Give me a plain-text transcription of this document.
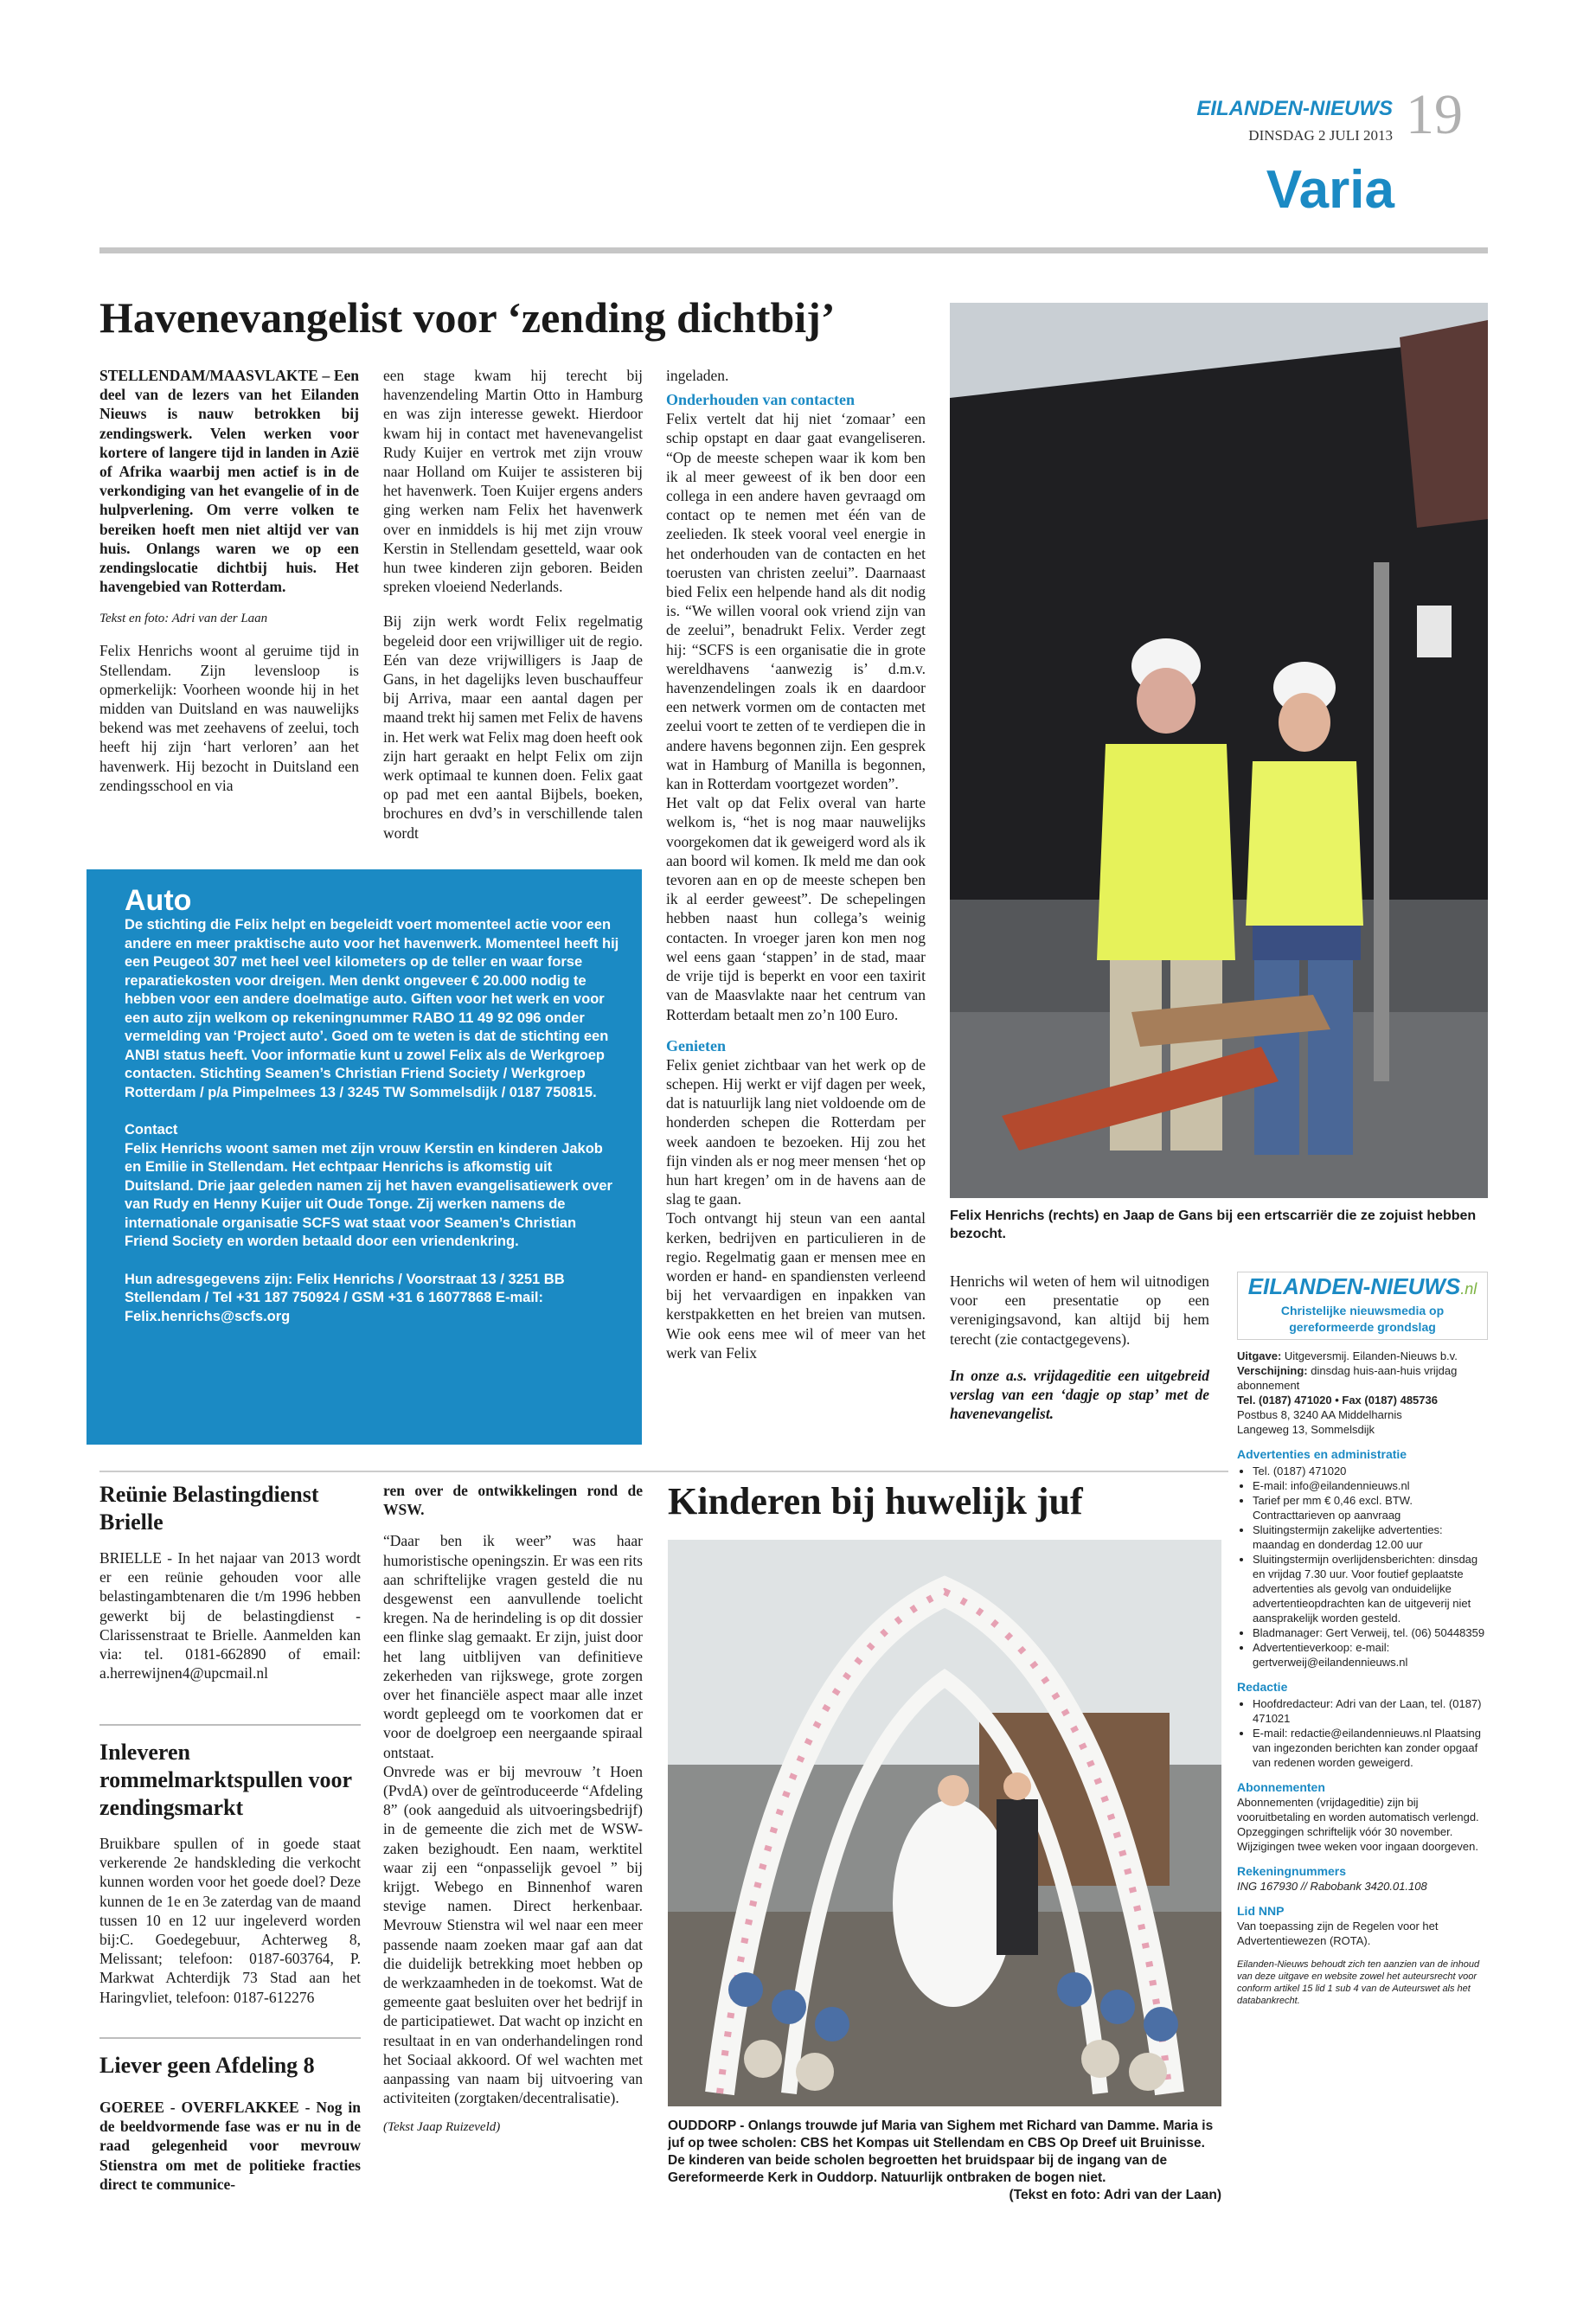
EILANDEN-NIEUWS
DINSDAG 2 JULI 2013 19
Varia
Havenevangelist voor ‘zending dichtbij’
STELLENDAM/MAASVLAKTE – Een deel van de lezers van het Eilanden Nieuws is nauw betrokken bij zendingswerk. Velen werken voor kortere of langere tijd in landen in Azië of Afrika waarbij men actief is in de verkondiging van het evangelie of in de hulpverlening. Om verre volken te bereiken hoeft men niet altijd ver van huis. Onlangs waren we op een zendingslocatie dichtbij huis. Het havengebied van Rotterdam.
Tekst en foto: Adri van der Laan
Felix Henrichs woont al geruime tijd in Stellendam. Zijn levensloop is opmerkelijk: Voorheen woonde hij in het midden van Duitsland en was nauwelijks bekend was met zeehavens of zeelui, toch heeft hij zijn ‘hart verloren’ aan het havenwerk. Hij bezocht in Duitsland een zendingsschool en via
een stage kwam hij terecht bij havenzendeling Martin Otto in Hamburg en was zijn interesse gewekt. Hierdoor kwam hij in contact met havenevangelist Rudy Kuijer en vertrok met zijn vrouw naar Holland om Kuijer te assisteren bij het havenwerk. Toen Kuijer ergens anders ging werken nam Felix het havenwerk over en inmiddels is hij met zijn vrouw Kerstin in Stellendam gesetteld, waar ook hun twee kinderen zijn geboren. Beiden spreken vloeiend Nederlands.
Bij zijn werk wordt Felix regelmatig begeleid door een vrijwilliger uit de regio. Eén van deze vrijwilligers is Jaap de Gans, in het dagelijks leven buschauffeur bij Arriva, maar een aantal dagen per maand trekt hij samen met Felix de havens in. Het werk wat Felix mag doen heeft ook zijn hart geraakt en helpt Felix om zijn werk optimaal te kunnen doen. Felix gaat op pad met een aantal Bijbels, boeken, brochures en dvd’s in verschillende talen wordt
ingeladen.
Onderhouden van contacten
Felix vertelt dat hij niet ‘zomaar’ een schip opstapt en daar gaat evangeliseren. “Op de meeste schepen waar ik kom ben ik al meer geweest of ik ben door een collega in een andere haven gevraagd om contact op te nemen met één van de zeelieden. Ik steek vooral veel energie in het onderhouden van de contacten en het toerusten van christen zeelui”. Daarnaast bied Felix een helpende hand als dit nodig is. “We willen vooral ook vriend zijn van de zeelui”, benadrukt Felix. Verder zegt hij: “SCFS is een organisatie die in grote wereldhavens ‘aanwezig is’ d.m.v. havenzendelingen zoals ik en daardoor een netwerk vormen om de contacten met zeelui voort te zetten of te verdiepen die in andere havens begonnen zijn. Een gesprek wat in Hamburg of Manilla is begonnen, kan in Rotterdam voortgezet worden”.
Het valt op dat Felix overal van harte welkom is, “het is nog maar nauwelijks voorgekomen dat ik geweigerd word als ik aan boord wil komen. Ik meld me dan ook tevoren aan en op de meeste schepen ben ik al eerder geweest”. De schepelingen hebben naast hun collega’s weinig contacten. In vroeger jaren kon men nog wel eens gaan ‘stappen’ in de stad, maar de vrije tijd is beperkt en voor een taxirit van de Maasvlakte naar het centrum van Rotterdam betaalt men zo’n 100 Euro.
Genieten
Felix geniet zichtbaar van het werk op de schepen. Hij werkt er vijf dagen per week, dat is natuurlijk lang niet voldoende om de honderden schepen die Rotterdam per week aandoen te bezoeken. Hij zou het fijn vinden als er nog meer mensen ‘het op hun hart kregen’ om in de havens aan de slag te gaan.
Toch ontvangt hij steun van een aantal kerken, bedrijven en particulieren in de regio. Regelmatig gaan er mensen mee en worden er hand- en spandiensten verleend bij het vervaardigen en inpakken van kerstpakketten en het breien van mutsen. Wie ook eens mee wil of meer van het werk van Felix
Felix Henrichs (rechts) en Jaap de Gans bij een ertscarriër die ze zojuist hebben bezocht.
Henrichs wil weten of hem wil uitnodigen voor een presentatie op een verenigingsavond, kan altijd bij hem terecht (zie contactgegevens).
In onze a.s. vrijdageditie een uitgebreid verslag van een ‘dagje op stap’ met de havenevangelist.
Auto
De stichting die Felix helpt en begeleidt voert momenteel actie voor een andere en meer praktische auto voor het havenwerk. Momenteel heeft hij een Peugeot 307 met heel veel kilometers op de teller en waar forse reparatiekosten voor dreigen. Men denkt ongeveer € 20.000 nodig te hebben voor een andere doelmatige auto. Giften voor het werk en voor een auto zijn welkom op rekeningnummer RABO 11 49 92 096 onder vermelding van ‘Project auto’. Goed om te weten is dat de stichting een ANBI status heeft. Voor informatie kunt u zowel Felix als de Werkgroep contacten. Stichting Seamen’s Christian Friend Society / Werkgroep Rotterdam / p/a Pimpelmees 13 / 3245 TW Sommelsdijk / 0187 750815.
Contact
Felix Henrichs woont samen met zijn vrouw Kerstin en kinderen Jakob en Emilie in Stellendam. Het echtpaar Henrichs is afkomstig uit Duitsland. Drie jaar geleden namen zij het haven evangelisatiewerk over van Rudy en Henny Kuijer uit Oude Tonge. Zij werken namens de internationale organisatie SCFS wat staat voor Seamen’s Christian Friend Society en worden betaald door een vriendenkring.
Hun adresgegevens zijn: Felix Henrichs / Voorstraat 13 / 3251 BB Stellendam / Tel +31 187 750924 / GSM +31 6 16077868 E-mail: Felix.henrichs@scfs.org
Reünie Belastingdienst Brielle
BRIELLE - In het najaar van 2013 wordt er een reünie gehouden voor alle belastingambtenaren die t/m 1996 hebben gewerkt bij de belastingdienst - Clarissenstraat te Brielle. Aanmelden kan via: tel. 0181-662890 of email: a.herrewijnen4@upcmail.nl
Inleveren rommelmarktspullen voor zendingsmarkt
Bruikbare spullen of in goede staat verkerende 2e handskleding die verkocht kunnen worden voor het goede doel? Deze kunnen de 1e en 3e zaterdag van de maand tussen 10 en 12 uur ingeleverd worden bij:C. Goedegebuur, Achterweg 8, Melissant; telefoon: 0187-603764, P. Markwat Achterdijk 73 Stad aan het Haringvliet, telefoon: 0187-612276
Liever geen Afdeling 8
GOEREE - OVERFLAKKEE - Nog in de beeldvormende fase was er nu in de raad gelegenheid voor mevrouw Stienstra om met de politieke fracties direct te communice-
ren over de ontwikkelingen rond de WSW.
“Daar ben ik weer” was haar humoristische openingszin. Er was een rits aan schriftelijke vragen gesteld die nu desgewenst een aanvullende toelicht kregen. Na de herindeling is op dit dossier een flinke slag gemaakt. Er zijn, juist door het lang uitblijven van definitieve zekerheden van rijkswege, grote zorgen over het financiële aspect maar alle inzet wordt gepleegd om te voorkomen dat er voor de doelgroep een neergaande spiraal ontstaat.
Onvrede was er bij mevrouw ’t Hoen (PvdA) over de geïntroduceerde “Afdeling 8” (ook aangeduid als uitvoeringsbedrijf) in de gemeente die zich met de WSW-zaken bezighoudt. Een naam, werktitel waar zij een “onpasselijk gevoel ” bij krijgt. Webego en Binnenhof waren stevige namen. Direct herkenbaar. Mevrouw Stienstra wil wel naar een meer passende naam zoeken maar gaf aan dat die duidelijk betrekking moet hebben op de werkzaamheden in de toekomst. Wat de gemeente gaat besluiten over het bedrijf in de participatiewet. Dat wacht op inzicht en resultaat in en van onderhandelingen rond het Sociaal akkoord. Of wel wachten met aanpassing van naam bij uitvoering van activiteiten (zorgtaken/decentralisatie).
(Tekst Jaap Ruizeveld)
Kinderen bij huwelijk juf
OUDDORP - Onlangs trouwde juf Maria van Sighem met Richard van Damme. Maria is juf op twee scholen: CBS het Kompas uit Stellendam en CBS Op Dreef uit Bruinisse. De kinderen van beide scholen begroetten het bruidspaar bij de ingang van de Gereformeerde Kerk in Ouddorp. Natuurlijk ontbraken de bogen niet.
(Tekst en foto: Adri van der Laan)
EILANDEN-NIEUWS.nl
Christelijke nieuwsmedia op gereformeerde grondslag
Uitgave: Uitgeversmij. Eilanden-Nieuws b.v.
Verschijning: dinsdag huis-aan-huis vrijdag abonnement
Tel. (0187) 471020 • Fax (0187) 485736
Postbus 8, 3240 AA Middelharnis
Langeweg 13, Sommelsdijk
Advertenties en administratie
• Tel. (0187) 471020
• E-mail: info@eilandennieuws.nl
• Tarief per mm € 0,46 excl. BTW. Contracttarieven op aanvraag
• Sluitingstermijn zakelijke advertenties: maandag en donderdag 12.00 uur
• Sluitingstermijn overlijdensberichten: dinsdag en vrijdag 7.30 uur. Voor foutief geplaatste advertenties als gevolg van onduidelijke advertentieopdrachten kan de uitgeverij niet aansprakelijk worden gesteld.
• Bladmanager: Gert Verweij, tel. (06) 50448359
• Advertentieverkoop: e-mail: gertverweij@eilandennieuws.nl
Redactie
• Hoofdredacteur: Adri van der Laan, tel. (0187) 471021
• E-mail: redactie@eilandennieuws.nl Plaatsing van ingezonden berichten kan zonder opgaaf van redenen worden geweigerd.
Abonnementen
Abonnementen (vrijdageditie) zijn bij vooruitbetaling en worden automatisch verlengd. Opzeggingen schriftelijk vóór 30 november. Wijzigingen twee weken voor ingaan doorgeven.
Rekeningnummers
ING 167930 // Rabobank 3420.01.108
Lid NNP
Van toepassing zijn de Regelen voor het Advertentiewezen (ROTA).
Eilanden-Nieuws behoudt zich ten aanzien van de inhoud van deze uitgave en website zowel het auteursrecht voor conform artikel 15 lid 1 sub 4 van de Auteurswet als het databankrecht.
